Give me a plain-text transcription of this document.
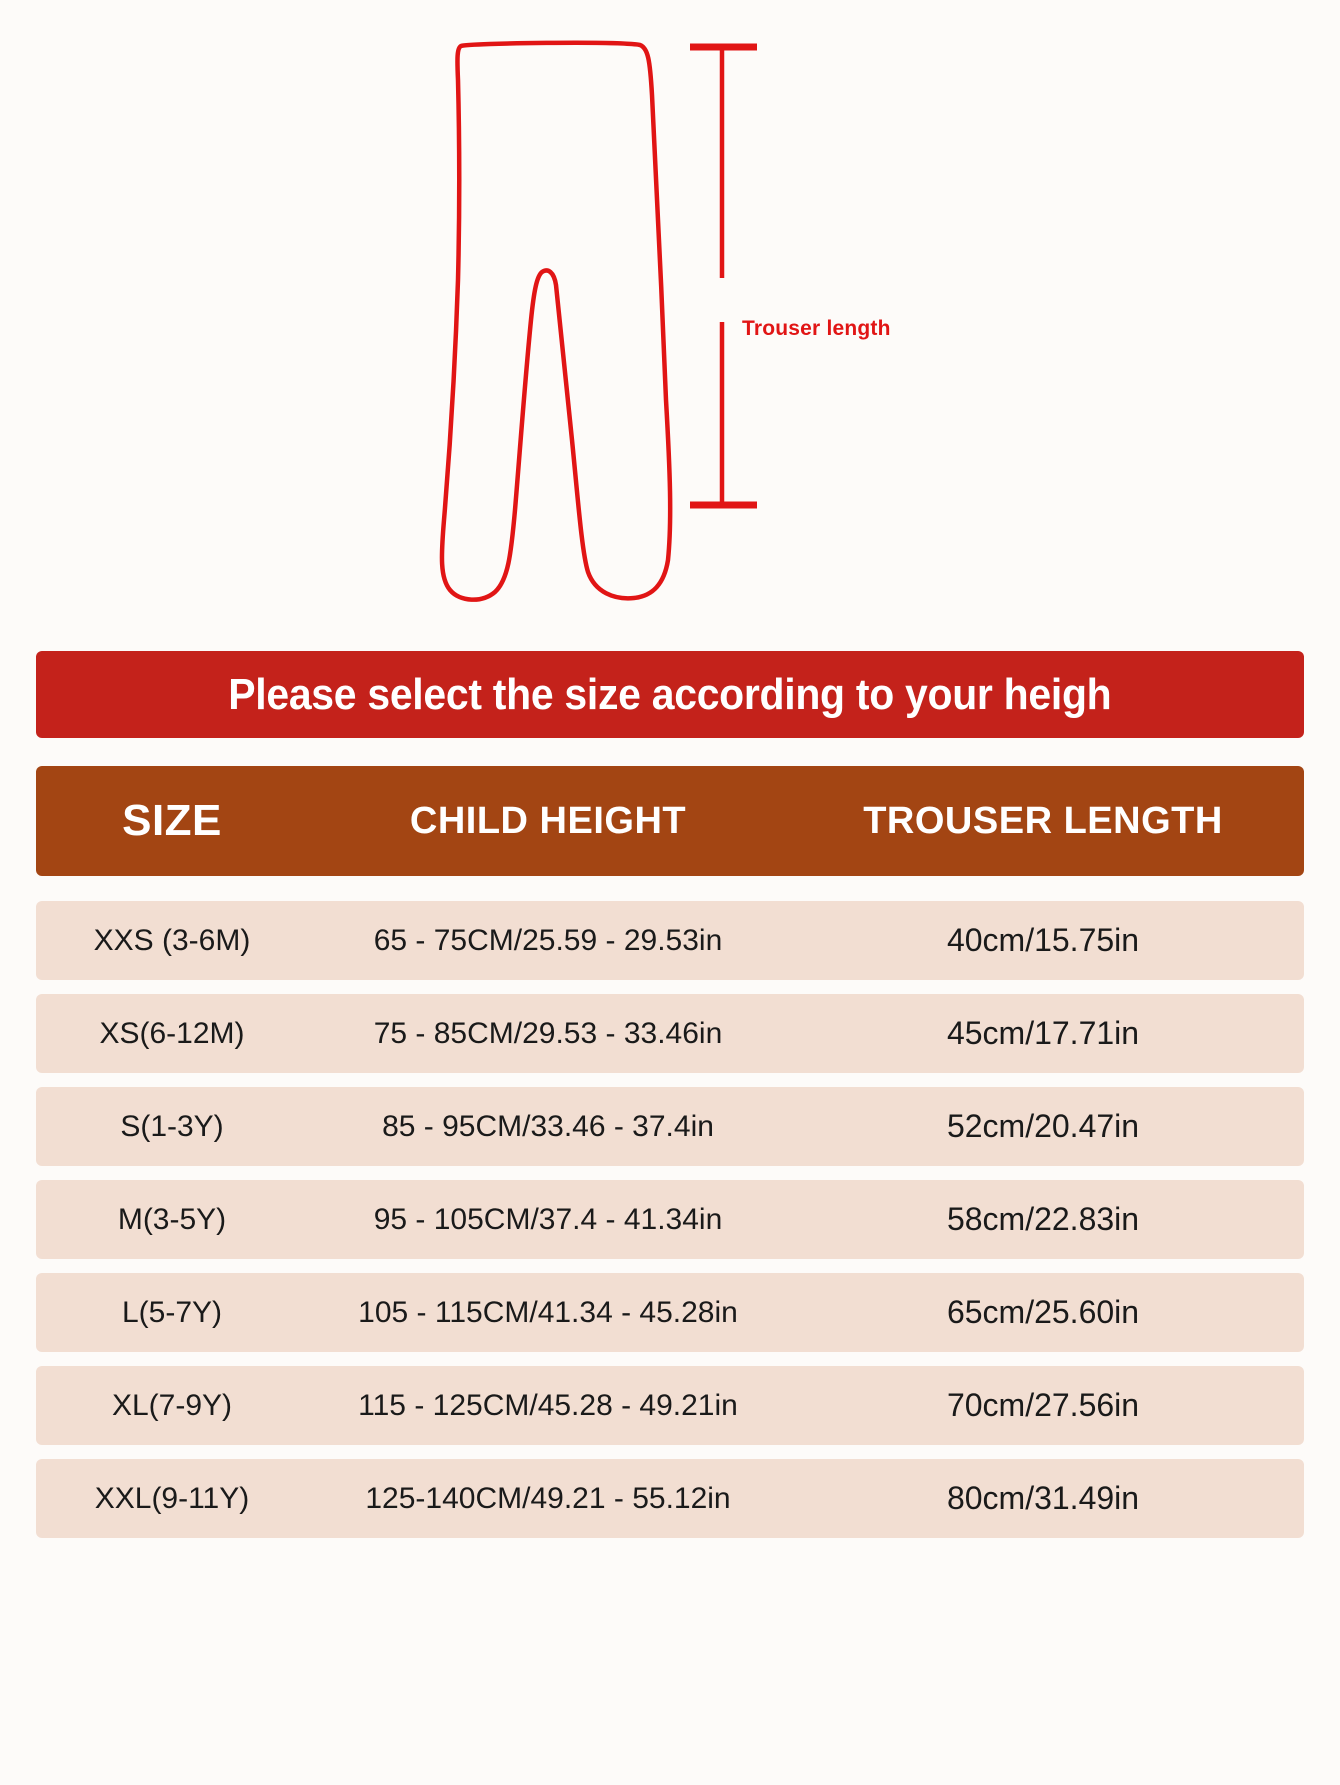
Trouser length
Please select the size according to your heigh
SIZE	CHILD HEIGHT	TROUSER LENGTH
XXS (3-6M)	65 - 75CM/25.59 - 29.53in	40cm/15.75in
XS(6-12M)	75 - 85CM/29.53 - 33.46in	45cm/17.71in
S(1-3Y)	85 - 95CM/33.46 - 37.4in	52cm/20.47in
M(3-5Y)	95 - 105CM/37.4 - 41.34in	58cm/22.83in
L(5-7Y)	105 - 115CM/41.34 - 45.28in	65cm/25.60in
XL(7-9Y)	115 - 125CM/45.28 - 49.21in	70cm/27.56in
XXL(9-11Y)	125-140CM/49.21 - 55.12in	80cm/31.49in
